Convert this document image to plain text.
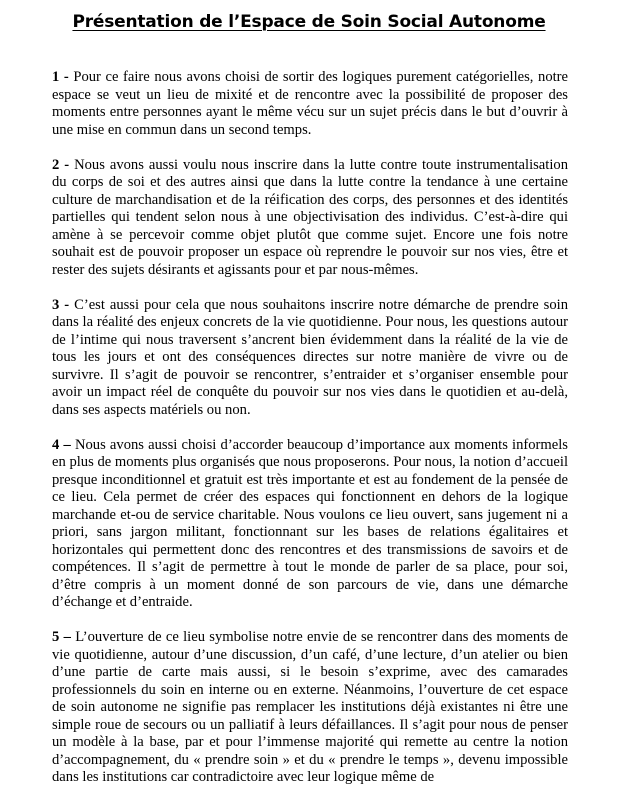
Présentation de l’Espace de Soin Social Autonome

1 - Pour ce faire nous avons choisi de sortir des logiques purement catégorielles, notre espace se veut un lieu de mixité et de rencontre avec la possibilité de proposer des moments entre personnes ayant le même vécu sur un sujet précis dans le but d’ouvrir à une mise en commun dans un second temps.

2 - Nous avons aussi voulu nous inscrire dans la lutte contre toute instrumentalisation du corps de soi et des autres ainsi que dans la lutte contre la tendance à une certaine culture de marchandisation et de la réification des corps, des personnes et des identités partielles qui tendent selon nous à une objectivisation des individus. C’est-à-dire qui amène à se percevoir comme objet plutôt que comme sujet. Encore une fois notre souhait est de pouvoir proposer un espace où reprendre le pouvoir sur nos vies, être et rester des sujets désirants et agissants pour et par nous-mêmes.

3 - C’est aussi pour cela que nous souhaitons inscrire notre démarche de prendre soin dans la réalité des enjeux concrets de la vie quotidienne. Pour nous, les questions autour de l’intime qui nous traversent s’ancrent bien évidemment dans la réalité de la vie de tous les jours et ont des conséquences directes sur notre manière de vivre ou de survivre. Il s’agit de pouvoir se rencontrer, s’entraider et s’organiser ensemble pour avoir un impact réel de conquête du pouvoir sur nos vies dans le quotidien et au-delà, dans ses aspects matériels ou non.

4 – Nous avons aussi choisi d’accorder beaucoup d’importance aux moments informels en plus de moments plus organisés que nous proposerons. Pour nous, la notion d’accueil presque inconditionnel et gratuit est très importante et est au fondement de la pensée de ce lieu. Cela permet de créer des espaces qui fonctionnent en dehors de la logique marchande et-ou de service charitable. Nous voulons ce lieu ouvert, sans jugement ni a priori, sans jargon militant, fonctionnant sur les bases de relations égalitaires et horizontales qui permettent donc des rencontres et des transmissions de savoirs et de compétences. Il s’agit de permettre à tout le monde de parler de sa place, pour soi, d’être compris à un moment donné de son parcours de vie, dans une démarche d’échange et d’entraide.

5 – L’ouverture de ce lieu symbolise notre envie de se rencontrer dans des moments de vie quotidienne, autour d’une discussion, d’un café, d’une lecture, d’un atelier ou bien d’une partie de carte mais aussi, si le besoin s’exprime, avec des camarades professionnels du soin en interne ou en externe. Néanmoins, l’ouverture de cet espace de soin autonome ne signifie pas remplacer les institutions déjà existantes ni être une simple roue de secours ou un palliatif à leurs défaillances. Il s’agit pour nous de penser un modèle à la base, par et pour l’immense majorité qui remette au centre la notion d’accompagnement, du « prendre soin » et du « prendre le temps », devenu impossible dans les institutions car contradictoire avec leur logique même de
